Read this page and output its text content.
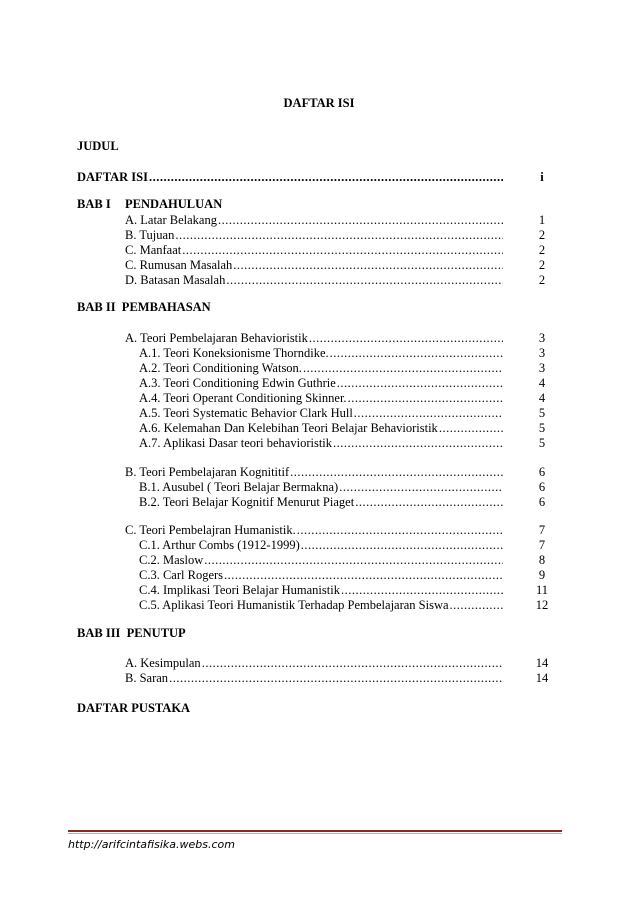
DAFTAR ISI
JUDUL
DAFTAR ISI .....	i
BAB I PENDAHULUAN
A. Latar Belakang .....	1
B. Tujuan .....	2
C. Manfaat .....	2
C. Rumusan Masalah .....	2
D. Batasan Masalah .....	2
BAB II  PEMBAHASAN
A. Teori Pembelajaran Behavioristik .....	3
A.1. Teori Koneksionisme Thorndike. .....	3
A.2. Teori Conditioning Watson. .....	3
A.3. Teori Conditioning Edwin Guthrie .....	4
A.4. Teori Operant Conditioning Skinner. .....	4
A.5. Teori Systematic Behavior Clark Hull .....	5
A.6. Kelemahan Dan Kelebihan Teori Belajar Behavioristik .....	5
A.7. Aplikasi Dasar teori behavioristik .....	5
B. Teori Pembelajaran Kognititif .....	6
B.1. Ausubel ( Teori Belajar Bermakna) .....	6
B.2. Teori Belajar Kognitif Menurut Piaget .....	6
C. Teori Pembelajran Humanistik. .....	7
C.1. Arthur Combs (1912-1999) .....	7
C.2. Maslow .....	8
C.3. Carl Rogers .....	9
C.4. Implikasi Teori Belajar Humanistik .....	11
C.5. Aplikasi Teori Humanistik Terhadap Pembelajaran Siswa .....	12
BAB III  PENUTUP
A. Kesimpulan .....	14
B. Saran .....	14
DAFTAR PUSTAKA
http://arifcintafisika.webs.com
